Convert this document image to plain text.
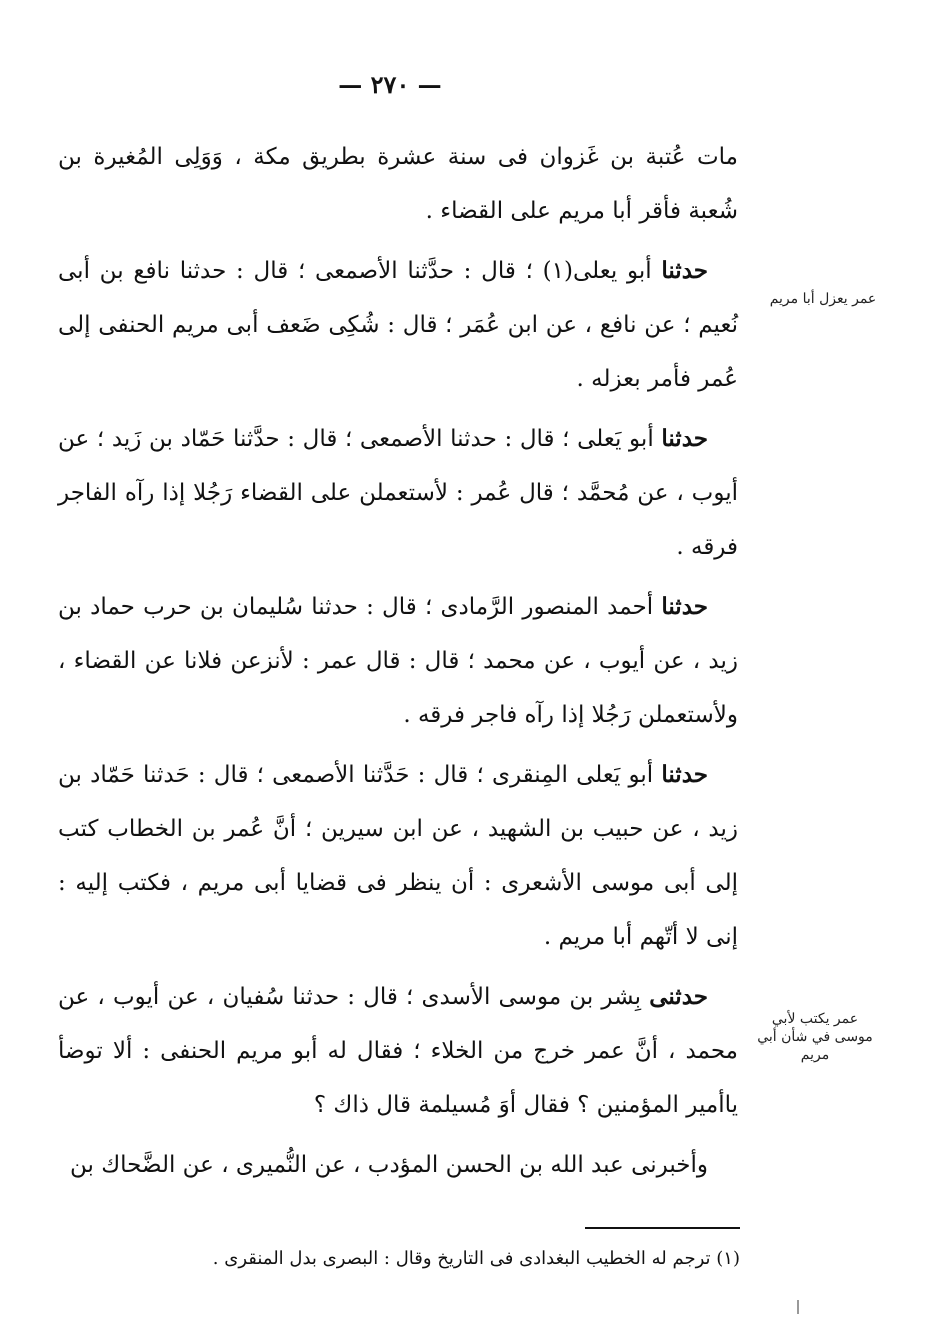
— ٢٧٠ —
عمر يعزل أبا مريم
عمر يكتب لأبي موسى في شأن أبي مريم

مات عُتبة بن غَزوان فى سنة عشرة بطريق مكة ، وَوَلِى المُغيرة بن شُعبة فأقر أبا مريم على القضاء .

حدثنا أبو يعلى(١) ؛ قال : حدَّثنا الأصمعى ؛ قال : حدثنا نافع بن أبى نُعيم ؛ عن نافع ، عن ابن عُمَر ؛ قال : شُكِى ضَعف أبى مريم الحنفى إلى عُمر فأمر بعزله .

حدثنا أبو يَعلى ؛ قال : حدثنا الأصمعى ؛ قال : حدَّثنا حَمّاد بن زَيد ؛ عن أيوب ، عن مُحمَّد ؛ قال عُمر : لأستعملن على القضاء رَجُلا إذا رآه الفاجر فرقه .

حدثنا أحمد المنصور الرَّمادى ؛ قال : حدثنا سُليمان بن حرب حماد بن زيد ، عن أيوب ، عن محمد ؛ قال : قال عمر : لأنزعن فلانا عن القضاء ، ولأستعملن رَجُلا إذا رآه فاجر فرقه .

حدثنا أبو يَعلى المِنقرى ؛ قال : حَدَّثنا الأصمعى ؛ قال : حَدثنا حَمّاد بن زيد ، عن حبيب بن الشهيد ، عن ابن سيرين ؛ أنَّ عُمر بن الخطاب كتب إلى أبى موسى الأشعرى : أن ينظر فى قضايا أبى مريم ، فكتب إليه : إنى لا أتّهم أبا مريم .

حدثنى بِشر بن موسى الأسدى ؛ قال : حدثنا سُفيان ، عن أيوب ، عن محمد ، أنَّ عمر خرج من الخلاء ؛ فقال له أبو مريم الحنفى : ألا توضأ ياأمير المؤمنين ؟ فقال أوَ مُسيلمة قال ذاك ؟

وأخبرنى عبد الله بن الحسن المؤدب ، عن النُّميرى ، عن الضَّحاك بن

(١) ترجم له الخطيب البغدادى فى التاريخ وقال : البصرى بدل المنقرى .
